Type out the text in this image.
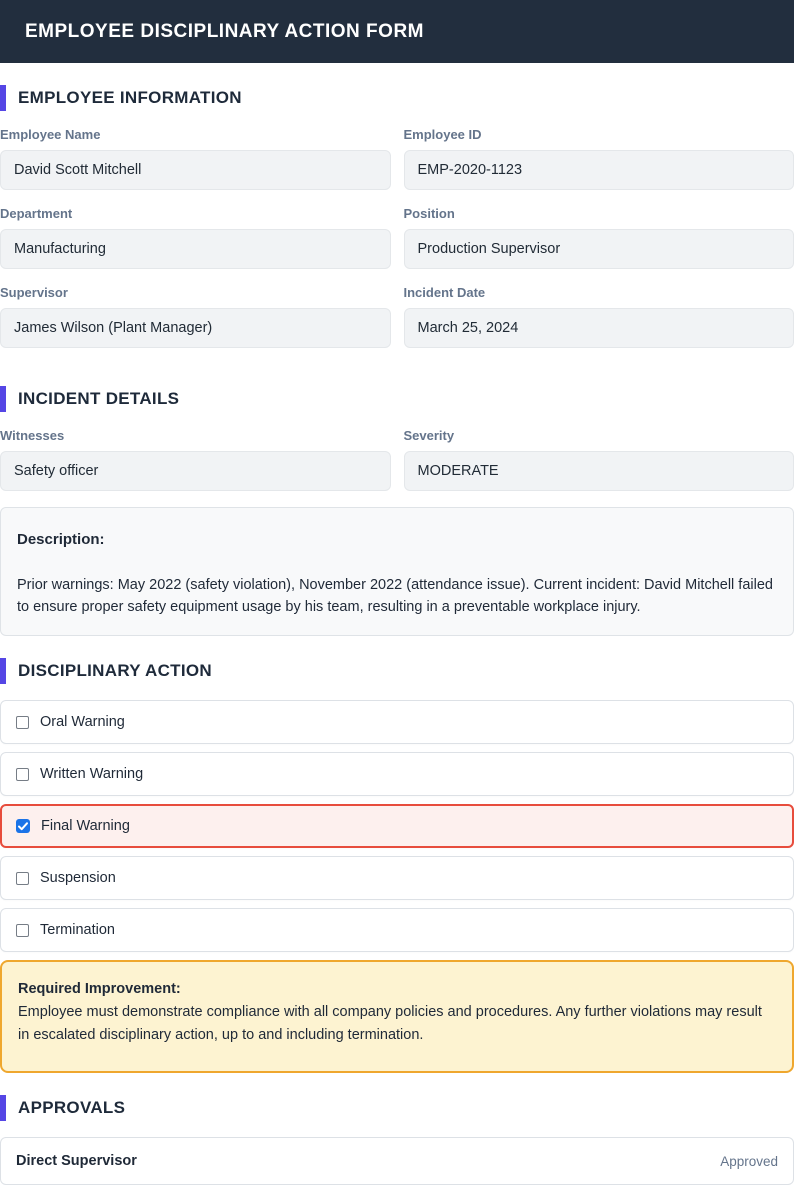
EMPLOYEE DISCIPLINARY ACTION FORM
EMPLOYEE INFORMATION
Employee Name
David Scott Mitchell
Employee ID
EMP-2020-1123
Department
Manufacturing
Position
Production Supervisor
Supervisor
James Wilson (Plant Manager)
Incident Date
March 25, 2024
INCIDENT DETAILS
Witnesses
Safety officer
Severity
MODERATE
Description:

Prior warnings: May 2022 (safety violation), November 2022 (attendance issue). Current incident: David Mitchell failed to ensure proper safety equipment usage by his team, resulting in a preventable workplace injury.

DISCIPLINARY ACTION
Oral Warning
Written Warning
Final Warning
Suspension
Termination
Required Improvement:

Employee must demonstrate compliance with all company policies and procedures. Any further violations may result in escalated disciplinary action, up to and including termination.

APPROVALS
Direct Supervisor	Approved
